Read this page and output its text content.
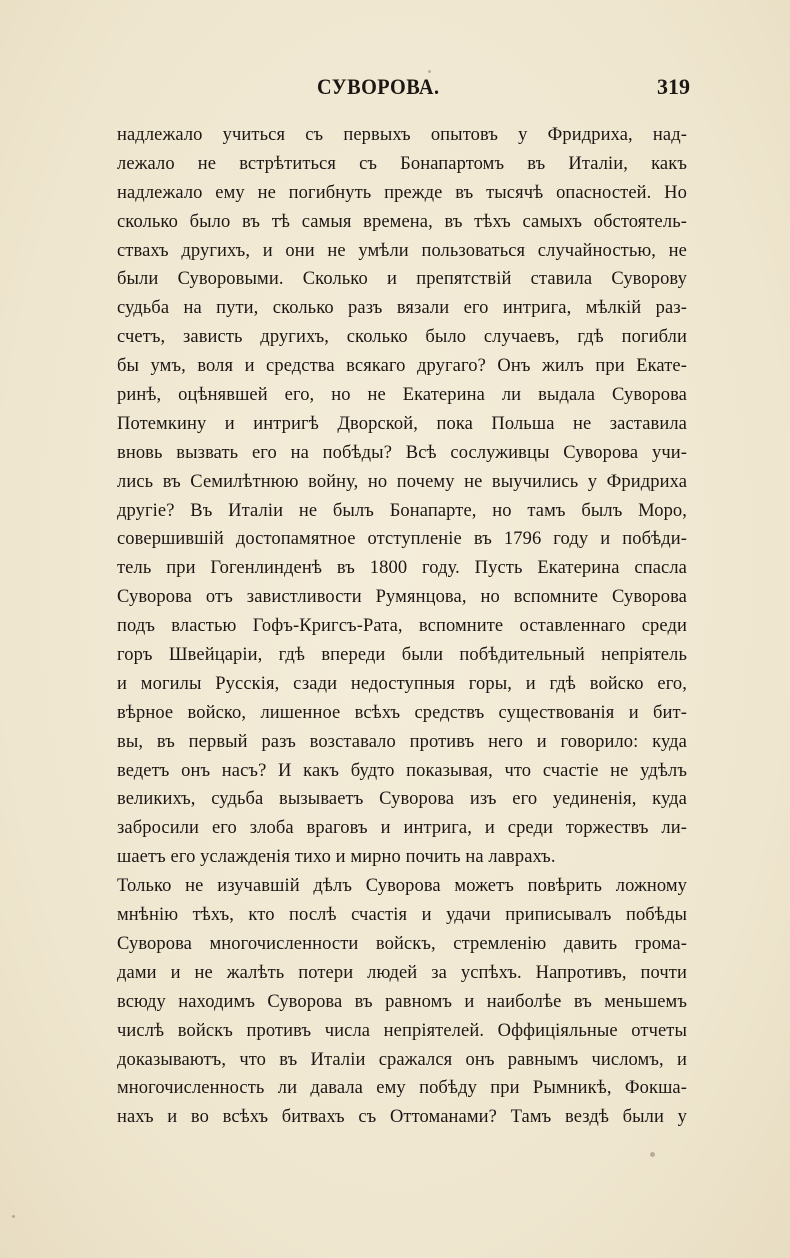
СУВОРОВА.	319
надлежало учиться съ первыхъ опытовъ у Фридриха, над-
лежало не встрѣтиться съ Бонапартомъ въ Италіи, какъ
надлежало ему не погибнуть прежде въ тысячѣ опасностей. Но
сколько было въ тѣ самыя времена, въ тѣхъ самыхъ обстоятель-
ствахъ другихъ, и они не умѣли пользоваться случайностью, не
были Суворовыми. Сколько и препятствій ставила Суворову
судьба на пути, сколько разъ вязали его интрига, мѣлкій раз-
счетъ, зависть другихъ, сколько было случаевъ, гдѣ погибли
бы умъ, воля и средства всякаго другаго? Онъ жилъ при Екате-
ринѣ, оцѣнявшей его, но не Екатерина ли выдала Суворова
Потемкину и интригѣ Дворской, пока Польша не заставила
вновь вызвать его на побѣды? Всѣ сослуживцы Суворова учи-
лись въ Семилѣтнюю войну, но почему не выучились у Фридриха
другіе? Въ Италіи не былъ Бонапарте, но тамъ былъ Моро,
совершившій достопамятное отступленіе въ 1796 году и побѣди-
тель при Гогенлинденѣ въ 1800 году. Пусть Екатерина спасла
Суворова отъ завистливости Румянцова, но вспомните Суворова
подъ властью Гофъ-Кригсъ-Рата, вспомните оставленнаго среди
горъ Швейцаріи, гдѣ впереди были побѣдительный непріятель
и могилы Русскія, сзади недоступныя горы, и гдѣ войско его,
вѣрное войско, лишенное всѣхъ средствъ существованія и бит-
вы, въ первый разъ возставало противъ него и говорило: куда
ведетъ онъ насъ? И какъ будто показывая, что счастіе не удѣлъ
великихъ, судьба вызываетъ Суворова изъ его уединенія, куда
забросили его злоба враговъ и интрига, и среди торжествъ ли-
шаетъ его услажденія тихо и мирно почить на лаврахъ.
Только не изучавшій дѣлъ Суворова можетъ повѣрить ложному
мнѣнію тѣхъ, кто послѣ счастія и удачи приписывалъ побѣды
Суворова многочисленности войскъ, стремленію давить грома-
дами и не жалѣть потери людей за успѣхъ. Напротивъ, почти
всюду находимъ Суворова въ равномъ и наиболѣе въ меньшемъ
числѣ войскъ противъ числа непріятелей. Оффиціяльные отчеты
доказываютъ, что въ Италіи сражался онъ равнымъ числомъ, и
многочисленность ли давала ему побѣду при Рымникѣ, Фокша-
нахъ и во всѣхъ битвахъ съ Оттоманами? Тамъ вездѣ были у
